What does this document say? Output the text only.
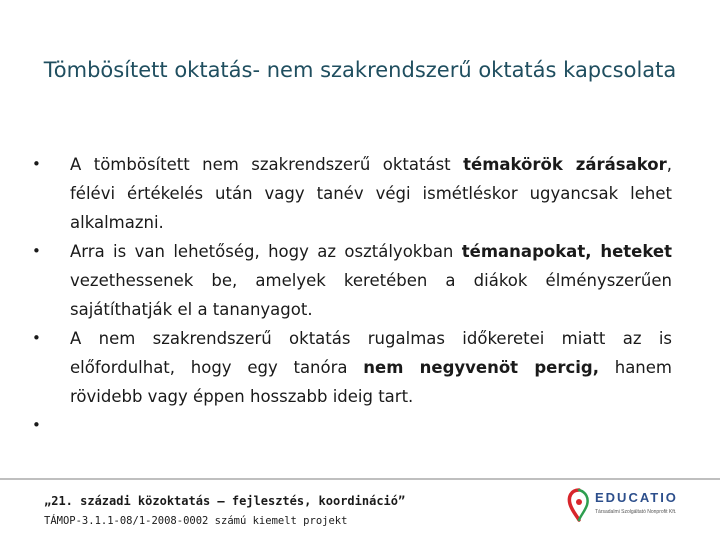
Tömbösített oktatás- nem szakrendszerű oktatás kapcsolata
• A tömbösített nem szakrendszerű oktatást témakörök zárásakor, félévi értékelés után vagy tanév végi ismétléskor ugyancsak lehet alkalmazni.
• Arra is van lehetőség, hogy az osztályokban témanapokat, heteket vezethessenek be, amelyek keretében a diákok élményszerűen sajátíthatják el a tananyagot.
• A nem szakrendszerű oktatás rugalmas időkeretei miatt az is előfordulhat, hogy egy tanóra nem negyvenöt percig, hanem rövidebb vagy éppen hosszabb ideig tart.
•
„21. századi közoktatás – fejlesztés, koordináció”
TÁMOP-3.1.1-08/1-2008-0002 számú kiemelt projekt
EDUCATIO
Társadalmi Szolgáltató Nonprofit Kft.
